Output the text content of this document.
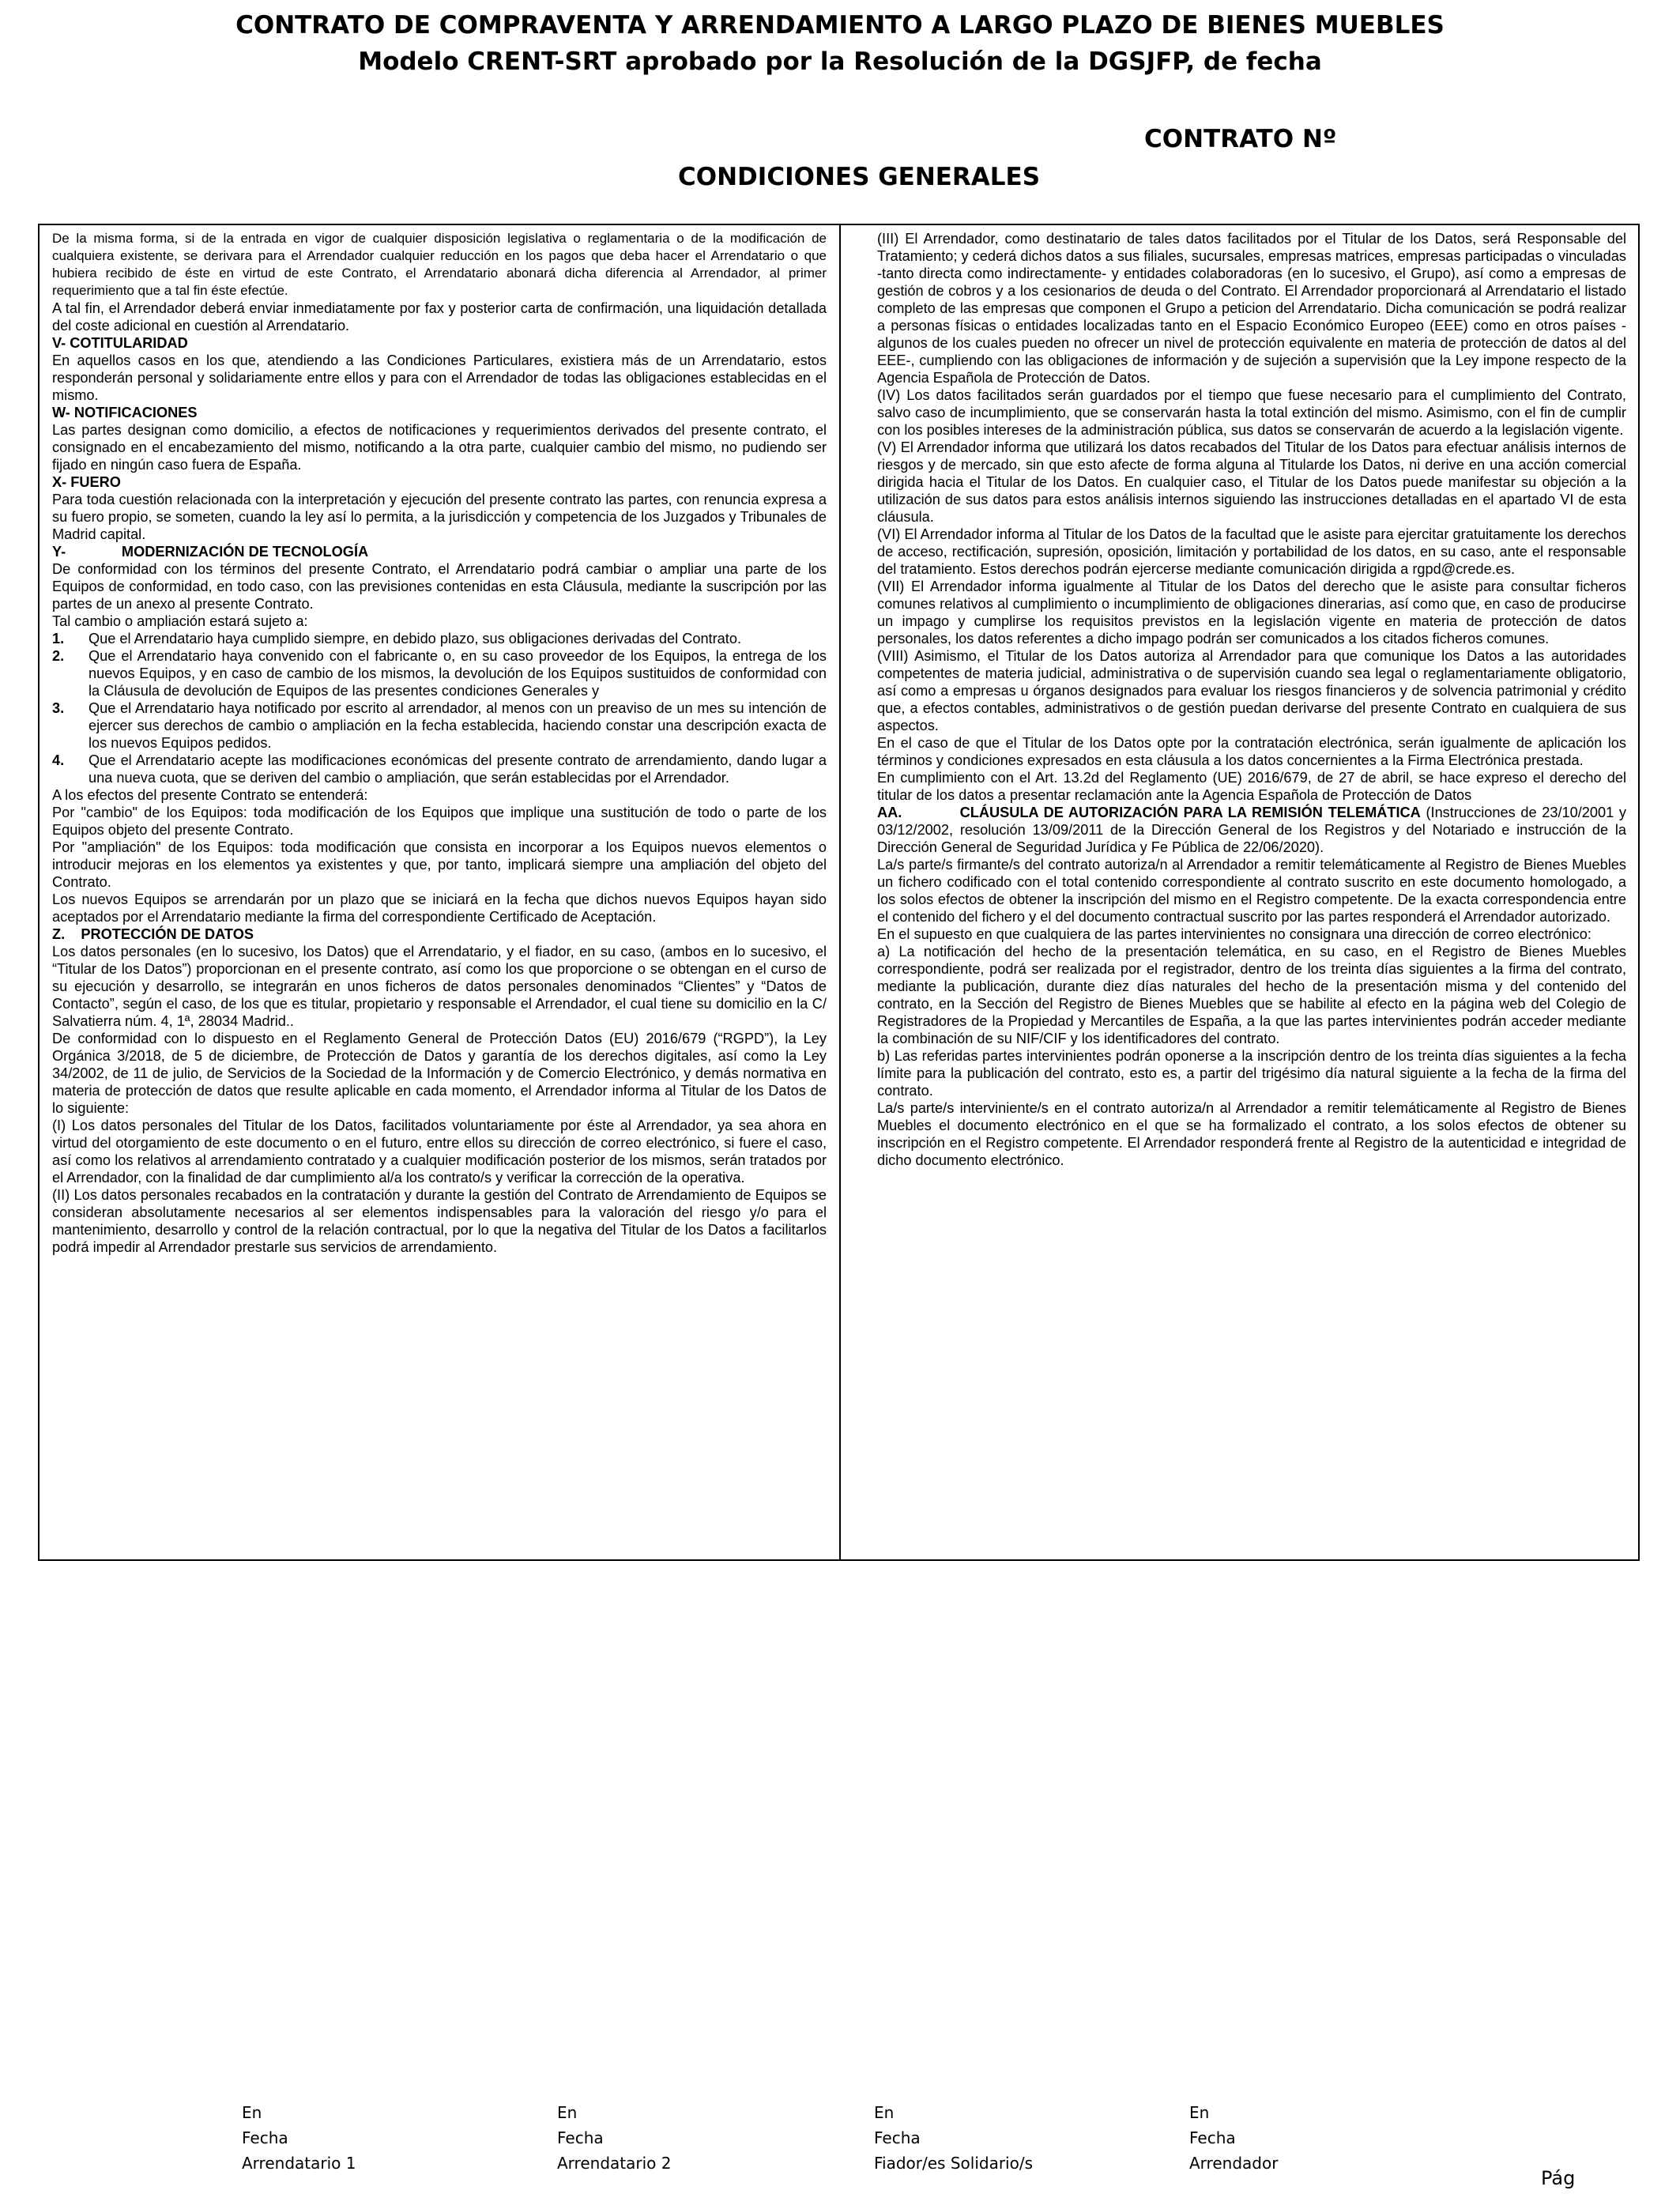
CONTRATO DE COMPRAVENTA Y ARRENDAMIENTO A LARGO PLAZO DE BIENES MUEBLES
Modelo CRENT-SRT aprobado por la Resolución de la DGSJFP, de fecha
CONTRATO Nº
CONDICIONES GENERALES

De la misma forma, si de la entrada en vigor de cualquier disposición legislativa o reglamentaria o de la modificación de cualquiera existente, se derivara para el Arrendador cualquier reducción en los pagos que deba hacer el Arrendatario o que hubiera recibido de éste en virtud de este Contrato, el Arrendatario abonará dicha diferencia al Arrendador, al primer requerimiento que a tal fin éste efectúe.

A tal fin, el Arrendador deberá enviar inmediatamente por fax y posterior carta de confirmación, una liquidación detallada del coste adicional en cuestión al Arrendatario.

V- COTITULARIDAD

En aquellos casos en los que, atendiendo a las Condiciones Particulares, existiera más de un Arrendatario, estos responderán personal y solidariamente entre ellos y para con el Arrendador de todas las obligaciones establecidas en el mismo.

W- NOTIFICACIONES

Las partes designan como domicilio, a efectos de notificaciones y requerimientos derivados del presente contrato, el consignado en el encabezamiento del mismo, notificando a la otra parte, cualquier cambio del mismo, no pudiendo ser fijado en ningún caso fuera de España.

X- FUERO

Para toda cuestión relacionada con la interpretación y ejecución del presente contrato las partes, con renuncia expresa a su fuero propio, se someten, cuando la ley así lo permita, a la jurisdicción y competencia de los Juzgados y Tribunales de Madrid capital.

Y-              MODERNIZACIÓN DE TECNOLOGÍA

De conformidad con los términos del presente Contrato, el Arrendatario podrá cambiar o ampliar una parte de los Equipos de conformidad, en todo caso, con las previsiones contenidas en esta Cláusula, mediante la suscripción por las partes de un anexo al presente Contrato.

Tal cambio o ampliación estará sujeto a:

1.	Que el Arrendatario haya cumplido siempre, en debido plazo, sus obligaciones derivadas del Contrato.
2.	Que el Arrendatario haya convenido con el fabricante o, en su caso proveedor de los Equipos, la entrega de los nuevos Equipos, y en caso de cambio de los mismos, la devolución de los Equipos sustituidos de conformidad con la Cláusula de devolución de Equipos de las presentes condiciones Generales y
3.	Que el Arrendatario haya notificado por escrito al arrendador, al menos con un preaviso de un mes su intención de ejercer sus derechos de cambio o ampliación en la fecha establecida, haciendo constar una descripción exacta de los nuevos Equipos pedidos.
4.	Que el Arrendatario acepte las modificaciones económicas del presente contrato de arrendamiento, dando lugar a una nueva cuota, que se deriven del cambio o ampliación, que serán establecidas por el Arrendador.

A los efectos del presente Contrato se entenderá:

Por "cambio" de los Equipos: toda modificación de los Equipos que implique una sustitución de todo o parte de los Equipos objeto del presente Contrato.

Por "ampliación" de los Equipos: toda modificación que consista en incorporar a los Equipos nuevos elementos o introducir mejoras en los elementos ya existentes y que, por tanto, implicará siempre una ampliación del objeto del Contrato.

Los nuevos Equipos se arrendarán por un plazo que se iniciará en la fecha que dichos nuevos Equipos hayan sido aceptados por el Arrendatario mediante la firma del correspondiente Certificado de Aceptación.

Z.    PROTECCIÓN DE DATOS

Los datos personales (en lo sucesivo, los Datos) que el Arrendatario, y el fiador, en su caso, (ambos en lo sucesivo, el “Titular de los Datos”) proporcionan en el presente contrato, así como los que proporcione o se obtengan en el curso de su ejecución y desarrollo, se integrarán en unos ficheros de datos personales denominados “Clientes” y “Datos de Contacto”, según el caso, de los que es titular, propietario y responsable el Arrendador, el cual tiene su domicilio en la C/ Salvatierra núm. 4, 1ª, 28034 Madrid..

De conformidad con lo dispuesto en el Reglamento General de Protección Datos (EU) 2016/679 (“RGPD”), la Ley Orgánica 3/2018, de 5 de diciembre, de Protección de Datos y garantía de los derechos digitales, así como la Ley 34/2002, de 11 de julio, de Servicios de la Sociedad de la Información y de Comercio Electrónico, y demás normativa en materia de protección de datos que resulte aplicable en cada momento, el Arrendador informa al Titular de los Datos de lo siguiente:

(I) Los datos personales del Titular de los Datos, facilitados voluntariamente por éste al Arrendador, ya sea ahora en virtud del otorgamiento de este documento o en el futuro, entre ellos su dirección de correo electrónico, si fuere el caso, así como los relativos al arrendamiento contratado y a cualquier modificación posterior de los mismos, serán tratados por el Arrendador, con la finalidad de dar cumplimiento al/a los contrato/s y verificar la corrección de la operativa.

(II) Los datos personales recabados en la contratación y durante la gestión del Contrato de Arrendamiento de Equipos se consideran absolutamente necesarios al ser elementos indispensables para la valoración del riesgo y/o para el mantenimiento, desarrollo y control de la relación contractual, por lo que la negativa del Titular de los Datos a facilitarlos podrá impedir al Arrendador prestarle sus servicios de arrendamiento.

(III) El Arrendador, como destinatario de tales datos facilitados por el Titular de los Datos, será Responsable del Tratamiento; y cederá dichos datos a sus filiales, sucursales, empresas matrices, empresas participadas o vinculadas -tanto directa como indirectamente- y entidades colaboradoras (en lo sucesivo, el Grupo), así como a empresas de gestión de cobros y a los cesionarios de deuda o del Contrato. El Arrendador proporcionará al Arrendatario el listado completo de las empresas que componen el Grupo a peticion del Arrendatario. Dicha comunicación se podrá realizar a personas físicas o entidades localizadas tanto en el Espacio Económico Europeo (EEE) como en otros países -algunos de los cuales pueden no ofrecer un nivel de protección equivalente en materia de protección de datos al del EEE-, cumpliendo con las obligaciones de información y de sujeción a supervisión que la Ley impone respecto de la Agencia Española de Protección de Datos.

(IV) Los datos facilitados serán guardados por el tiempo que fuese necesario para el cumplimiento del Contrato, salvo caso de incumplimiento, que se conservarán hasta la total extinción del mismo. Asimismo, con el fin de cumplir con los posibles intereses de la administración pública, sus datos se conservarán de acuerdo a la legislación vigente.

(V) El Arrendador informa que utilizará los datos recabados del Titular de los Datos para efectuar análisis internos de riesgos y de mercado, sin que esto afecte de forma alguna al Titularde los Datos, ni derive en una acción comercial dirigida hacia el Titular de los Datos. En cualquier caso, el Titular de los Datos puede manifestar su objeción a la utilización de sus datos para estos análisis internos siguiendo las instrucciones detalladas en el apartado VI de esta cláusula.

(VI) El Arrendador informa al Titular de los Datos de la facultad que le asiste para ejercitar gratuitamente los derechos de acceso, rectificación, supresión, oposición, limitación y portabilidad de los datos, en su caso, ante el responsable del tratamiento. Estos derechos podrán ejercerse mediante comunicación dirigida a rgpd@crede.es.

(VII) El Arrendador informa igualmente al Titular de los Datos del derecho que le asiste para consultar ficheros comunes relativos al cumplimiento o incumplimiento de obligaciones dinerarias, así como que, en caso de producirse un impago y cumplirse los requisitos previstos en la legislación vigente en materia de protección de datos personales, los datos referentes a dicho impago podrán ser comunicados a los citados ficheros comunes.

(VIII) Asimismo, el Titular de los Datos autoriza al Arrendador para que comunique los Datos a las autoridades competentes de materia judicial, administrativa o de supervisión cuando sea legal o reglamentariamente obligatorio, así como a empresas u órganos designados para evaluar los riesgos financieros y de solvencia patrimonial y crédito que, a efectos contables, administrativos o de gestión puedan derivarse del presente Contrato en cualquiera de sus aspectos.

En el caso de que el Titular de los Datos opte por la contratación electrónica, serán igualmente de aplicación los términos y condiciones expresados en esta cláusula a los datos concernientes a la Firma Electrónica prestada.

En cumplimiento con el Art. 13.2d del Reglamento (UE) 2016/679, de 27 de abril, se hace expreso el derecho del titular de los datos a presentar reclamación ante la Agencia Española de Protección de Datos

AA.           CLÁUSULA DE AUTORIZACIÓN PARA LA REMISIÓN TELEMÁTICA (Instrucciones de 23/10/2001 y 03/12/2002, resolución 13/09/2011 de la Dirección General de los Registros y del Notariado e instrucción de la Dirección General de Seguridad Jurídica y Fe Pública de 22/06/2020).

La/s parte/s firmante/s del contrato autoriza/n al Arrendador a remitir telemáticamente al Registro de Bienes Muebles un fichero codificado con el total contenido correspondiente al contrato suscrito en este documento homologado, a los solos efectos de obtener la inscripción del mismo en el Registro competente. De la exacta correspondencia entre el contenido del fichero y el del documento contractual suscrito por las partes responderá el Arrendador autorizado.

En el supuesto en que cualquiera de las partes intervinientes no consignara una dirección de correo electrónico:

a) La notificación del hecho de la presentación telemática, en su caso, en el Registro de Bienes Muebles correspondiente, podrá ser realizada por el registrador, dentro de los treinta días siguientes a la firma del contrato, mediante la publicación, durante diez días naturales del hecho de la presentación misma y del contenido del contrato, en la Sección del Registro de Bienes Muebles que se habilite al efecto en la página web del Colegio de Registradores de la Propiedad y Mercantiles de España, a la que las partes intervinientes podrán acceder mediante la combinación de su NIF/CIF y los identificadores del contrato.

b) Las referidas partes intervinientes podrán oponerse a la inscripción dentro de los treinta días siguientes a la fecha límite para la publicación del contrato, esto es, a partir del trigésimo día natural siguiente a la fecha de la firma del contrato.

La/s parte/s interviniente/s en el contrato autoriza/n al Arrendador a remitir telemáticamente al Registro de Bienes Muebles el documento electrónico en el que se ha formalizado el contrato, a los solos efectos de obtener su inscripción en el Registro competente. El Arrendador responderá frente al Registro de la autenticidad e integridad de dicho documento electrónico.

En
Fecha
Arrendatario 1
En
Fecha
Arrendatario 2
En
Fecha
Fiador/es Solidario/s
En
Fecha
Arrendador
Pág
